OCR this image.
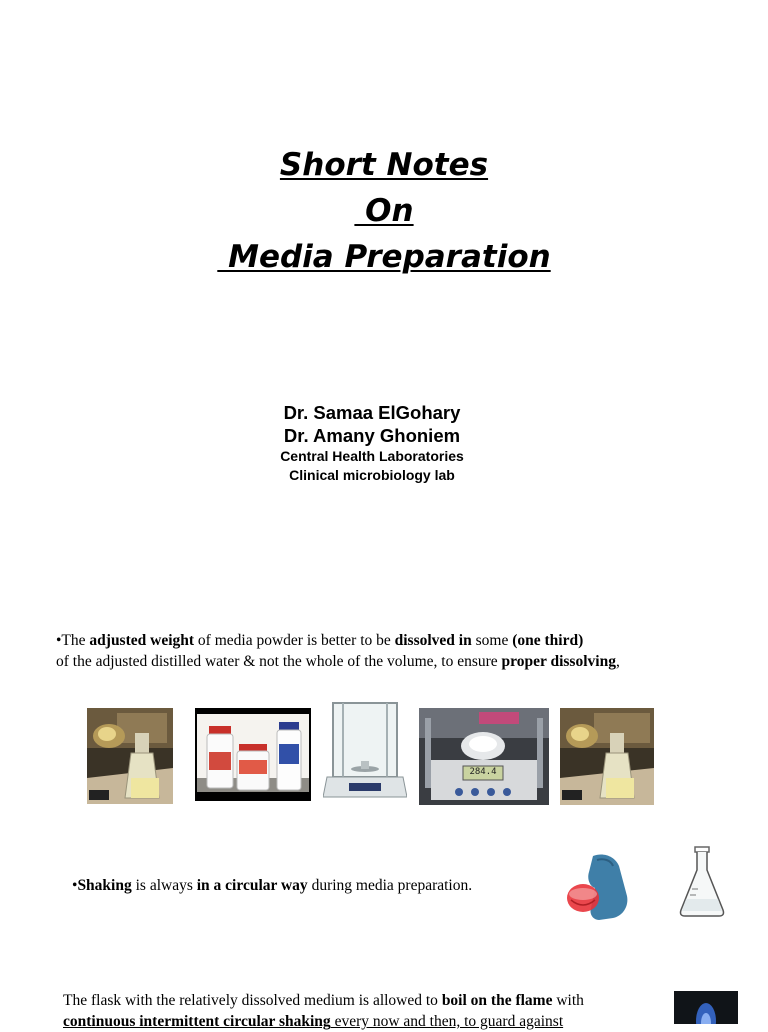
Short Notes
On
Media Preparation
Dr. Samaa ElGohary
Dr. Amany Ghoniem
Central Health Laboratories
Clinical microbiology lab
•The adjusted weight of media powder is better to be dissolved in some (one third)
of the adjusted distilled water & not the whole of the volume, to ensure proper dissolving,
284.4
•Shaking is always in a circular way during media preparation.
The flask with the relatively dissolved medium is allowed to boil on the flame with
continuous intermittent circular shaking every now and then, to guard against
